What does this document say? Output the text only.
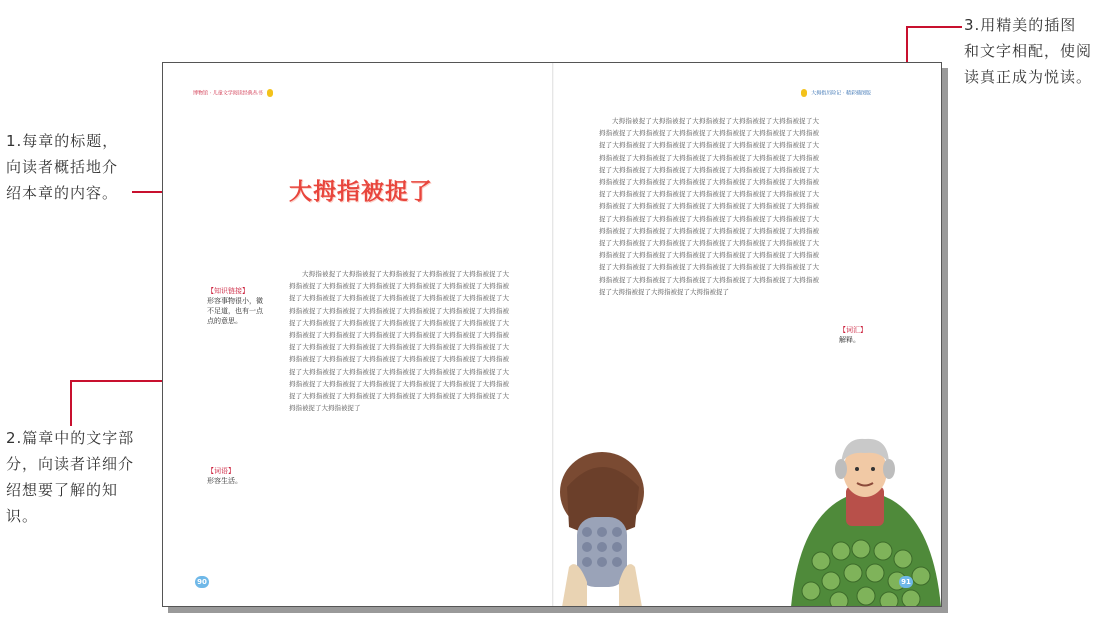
1.每章的标题，向读者概括地介绍本章的内容。
2.篇章中的文字部分，向读者详细介绍想要了解的知识。
3.用精美的插图和文字相配，使阅读真正成为悦读。
博物馆 · 儿童文学阅读经典丛书	大拇指历险记 · 精彩插图版
大拇指被捉了
【知识链接】
形容事物很小，微不足道，也有一点点的意思。
【词语】
形容生活。
【词汇】
解释。

大拇指被捉了大拇指被捉了大拇指被捉了大拇指被捉了大拇指被捉了大拇指被捉了大拇指被捉了大拇指被捉了大拇指被捉了大拇指被捉了大拇指被捉了大拇指被捉了大拇指被捉了大拇指被捉了大拇指被捉了大拇指被捉了大拇指被捉了大拇指被捉了大拇指被捉了大拇指被捉了大拇指被捉了大拇指被捉了大拇指被捉了大拇指被捉了大拇指被捉了大拇指被捉了大拇指被捉了大拇指被捉了大拇指被捉了大拇指被捉了大拇指被捉了大拇指被捉了大拇指被捉了大拇指被捉了大拇指被捉了大拇指被捉了大拇指被捉了大拇指被捉了大拇指被捉了大拇指被捉了大拇指被捉了大拇指被捉了大拇指被捉了大拇指被捉了大拇指被捉了大拇指被捉了大拇指被捉了大拇指被捉了大拇指被捉了大拇指被捉了大拇指被捉了大拇指被捉了大拇指被捉了大拇指被捉了大拇指被捉了大拇指被捉了大拇指被捉了大拇指被捉了大拇指被捉了大拇指被捉了大拇指被捉了大拇指被捉了

大拇指被捉了大拇指被捉了大拇指被捉了大拇指被捉了大拇指被捉了大拇指被捉了大拇指被捉了大拇指被捉了大拇指被捉了大拇指被捉了大拇指被捉了大拇指被捉了大拇指被捉了大拇指被捉了大拇指被捉了大拇指被捉了大拇指被捉了大拇指被捉了大拇指被捉了大拇指被捉了大拇指被捉了大拇指被捉了大拇指被捉了大拇指被捉了大拇指被捉了大拇指被捉了大拇指被捉了大拇指被捉了大拇指被捉了大拇指被捉了大拇指被捉了大拇指被捉了大拇指被捉了大拇指被捉了大拇指被捉了大拇指被捉了大拇指被捉了大拇指被捉了大拇指被捉了大拇指被捉了大拇指被捉了大拇指被捉了大拇指被捉了大拇指被捉了大拇指被捉了大拇指被捉了大拇指被捉了大拇指被捉了大拇指被捉了大拇指被捉了大拇指被捉了大拇指被捉了大拇指被捉了大拇指被捉了大拇指被捉了大拇指被捉了大拇指被捉了大拇指被捉了大拇指被捉了大拇指被捉了大拇指被捉了大拇指被捉了大拇指被捉了大拇指被捉了大拇指被捉了大拇指被捉了大拇指被捉了大拇指被捉了大拇指被捉了大拇指被捉了大拇指被捉了大拇指被捉了大拇指被捉了大拇指被捉了大拇指被捉了大拇指被捉了大拇指被捉了大拇指被捉了大拇指被捉了大拇指被捉了

90	91
